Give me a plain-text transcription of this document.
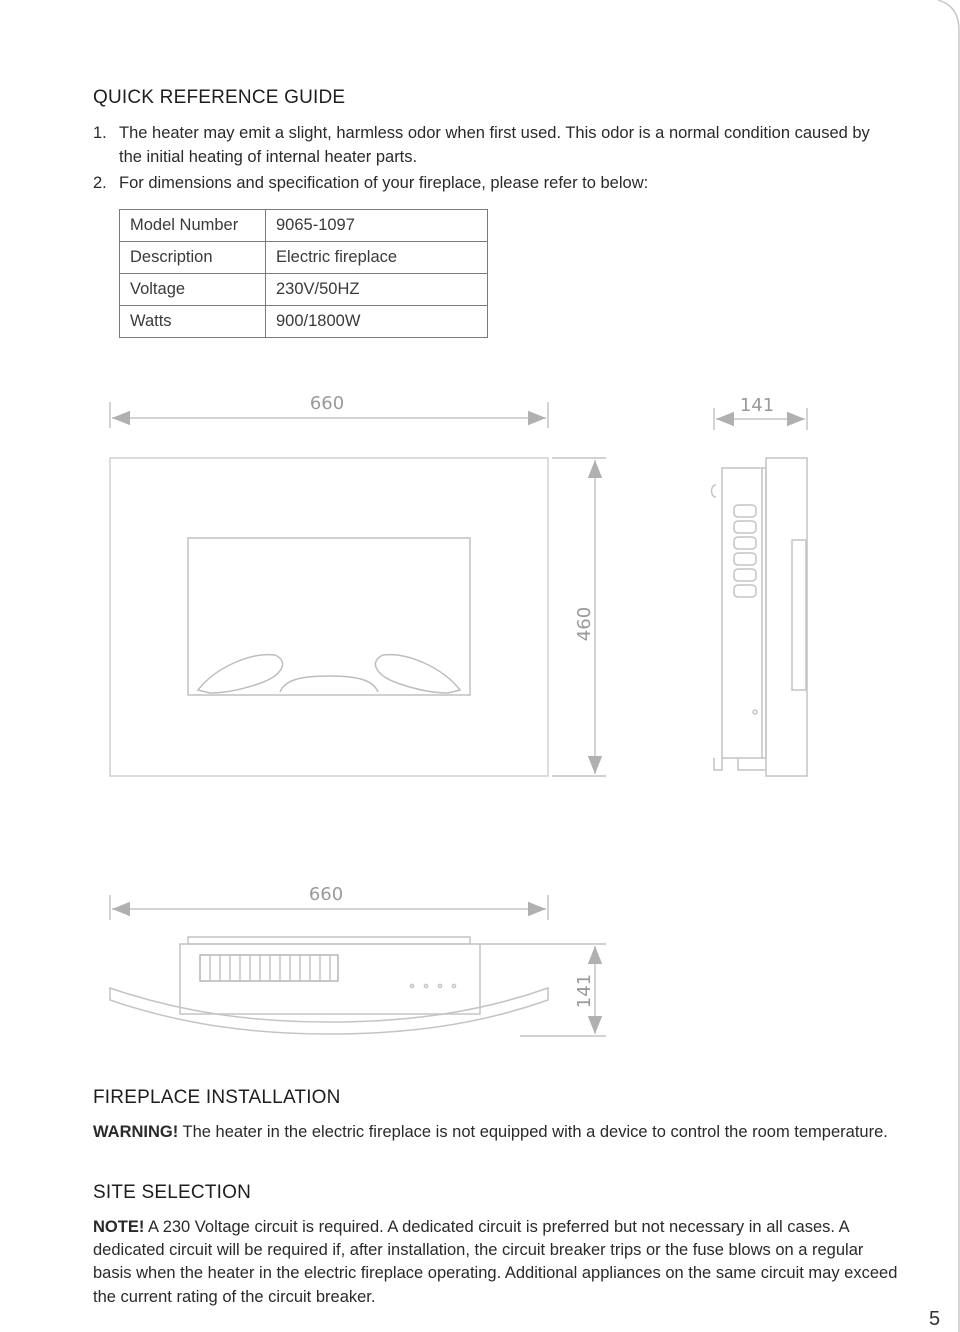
QUICK REFERENCE GUIDE
1. The heater may emit a slight, harmless odor when first used. This odor is a normal condition caused by the initial heating of internal heater parts.
2. For dimensions and specification of your fireplace, please refer to below:
Model Number	9065-1097
Description	Electric fireplace
Voltage	230V/50HZ
Watts	900/1800W
660
460
141
660
141
FIREPLACE INSTALLATION

WARNING! The heater in the electric fireplace is not equipped with a device to control the room temperature.

SITE SELECTION

NOTE! A 230 Voltage circuit is required. A dedicated circuit is preferred but not necessary in all cases. A dedicated circuit will be required if, after installation, the circuit breaker trips or the fuse blows on a regular basis when the heater in the electric fireplace operating. Additional appliances on the same circuit may exceed the current rating of the circuit breaker.

5
